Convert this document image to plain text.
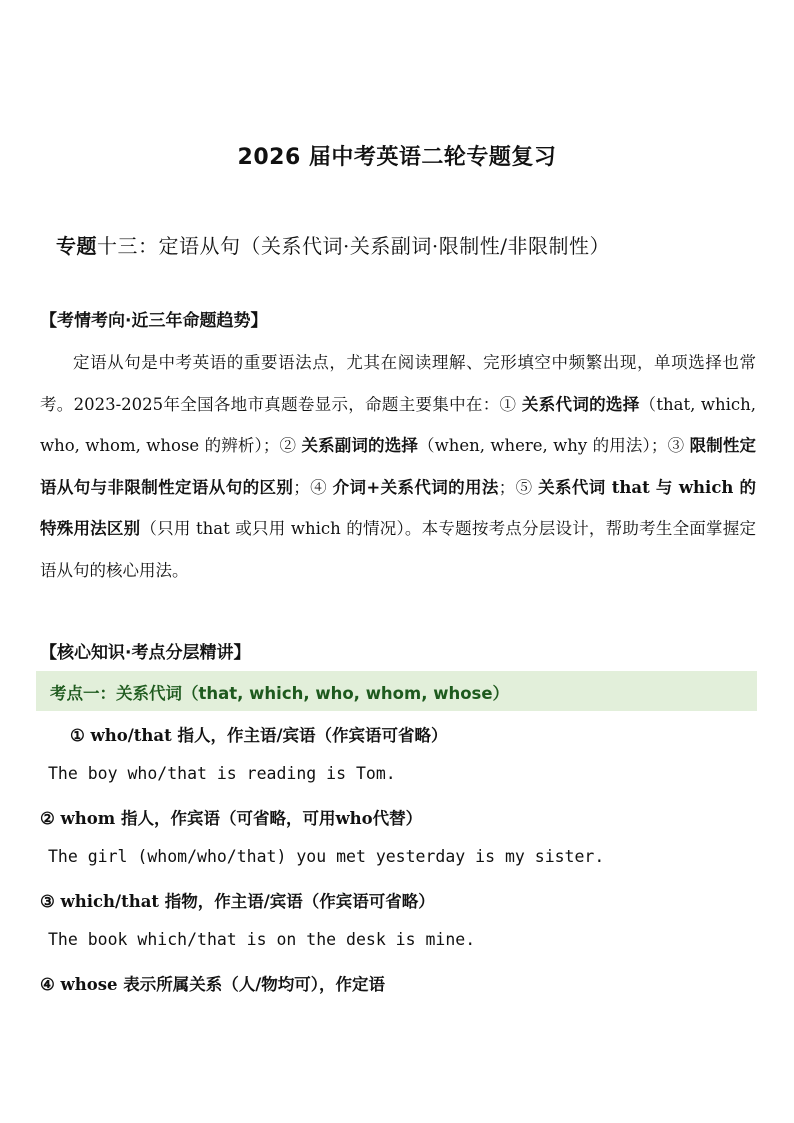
2026 届中考英语二轮专题复习
专题十三：定语从句（关系代词·关系副词·限制性/非限制性）
【考情考向·近三年命题趋势】
定语从句是中考英语的重要语法点，尤其在阅读理解、完形填空中频繁出现，单项选择也常考。2023-2025年全国各地市真题卷显示，命题主要集中在：① 关系代词的选择（that, which, who, whom, whose 的辨析）；② 关系副词的选择（when, where, why 的用法）；③ 限制性定语从句与非限制性定语从句的区别；④ 介词+关系代词的用法；⑤ 关系代词 that 与 which 的特殊用法区别（只用 that 或只用 which 的情况）。本专题按考点分层设计，帮助考生全面掌握定语从句的核心用法。
【核心知识·考点分层精讲】
考点一：关系代词（that, which, who, whom, whose）
① who/that 指人，作主语/宾语（作宾语可省略）
The boy who/that is reading is Tom.
② whom 指人，作宾语（可省略，可用who代替）
The girl (whom/who/that) you met yesterday is my sister.
③ which/that 指物，作主语/宾语（作宾语可省略）
The book which/that is on the desk is mine.
④ whose 表示所属关系（人/物均可），作定语
